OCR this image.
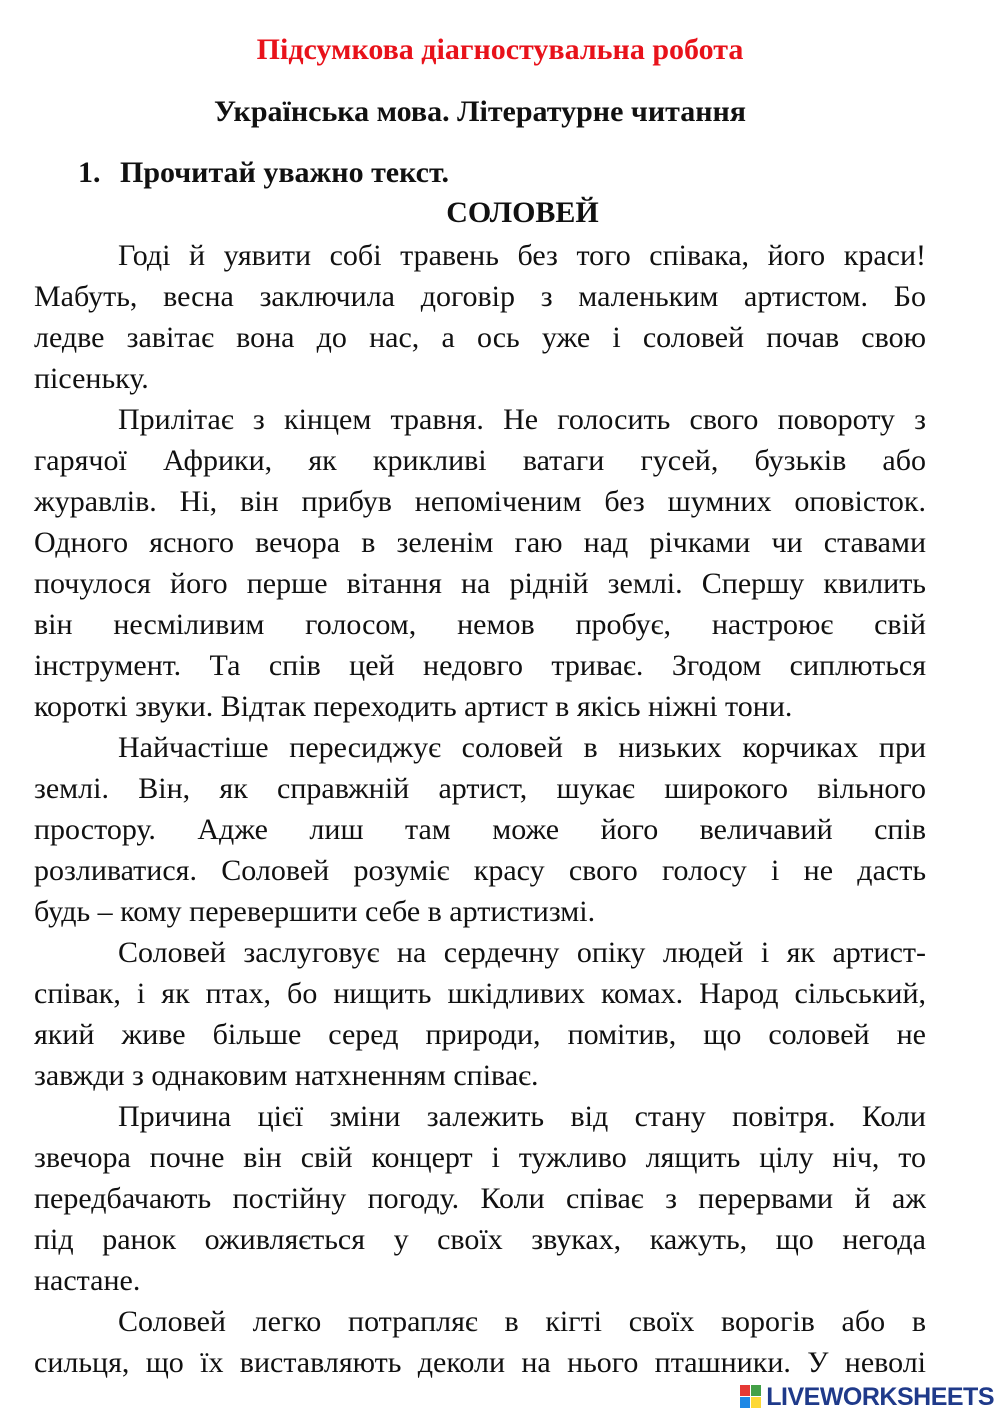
Підсумкова діагностувальна робота
Українська мова. Літературне читання
1. Прочитай уважно текст.
СОЛОВЕЙ
Годі й уявити собі травень без того співака, його краси!
Мабуть, весна заключила договір з маленьким артистом. Бо
ледве завітає вона до нас, а ось уже і соловей почав свою
пісеньку.
Прилітає з кінцем травня. Не голосить свого повороту з
гарячої Африки, як крикливі ватаги гусей, бузьків або
журавлів. Ні, він прибув непоміченим без шумних оповісток.
Одного ясного вечора в зеленім гаю над річками чи ставами
почулося його перше вітання на рідній землі. Спершу квилить
він несміливим голосом, немов пробує, настроює свій
інструмент. Та спів цей недовго триває. Згодом сиплються
короткі звуки. Відтак переходить артист в якісь ніжні тони.
Найчастіше пересиджує соловей в низьких корчиках при
землі. Він, як справжній артист, шукає широкого вільного
простору. Адже лиш там може його величавий спів
розливатися. Соловей розуміє красу свого голосу і не дасть
будь – кому перевершити себе в артистизмі.
Соловей заслуговує на сердечну опіку людей і як артист-
співак, і як птах, бо нищить шкідливих комах. Народ сільський,
який живе більше серед природи, помітив, що соловей не
завжди з однаковим натхненням співає.
Причина цієї зміни залежить від стану повітря. Коли
звечора почне він свій концерт і тужливо лящить цілу ніч, то
передбачають постійну погоду. Коли співає з перервами й аж
під ранок оживляється у своїх звуках, кажуть, що негода
настане.
Соловей легко потрапляє в кігті своїх ворогів або в
сильця, що їх виставляють деколи на нього пташники. У неволі
LIVEWORKSHEETS
